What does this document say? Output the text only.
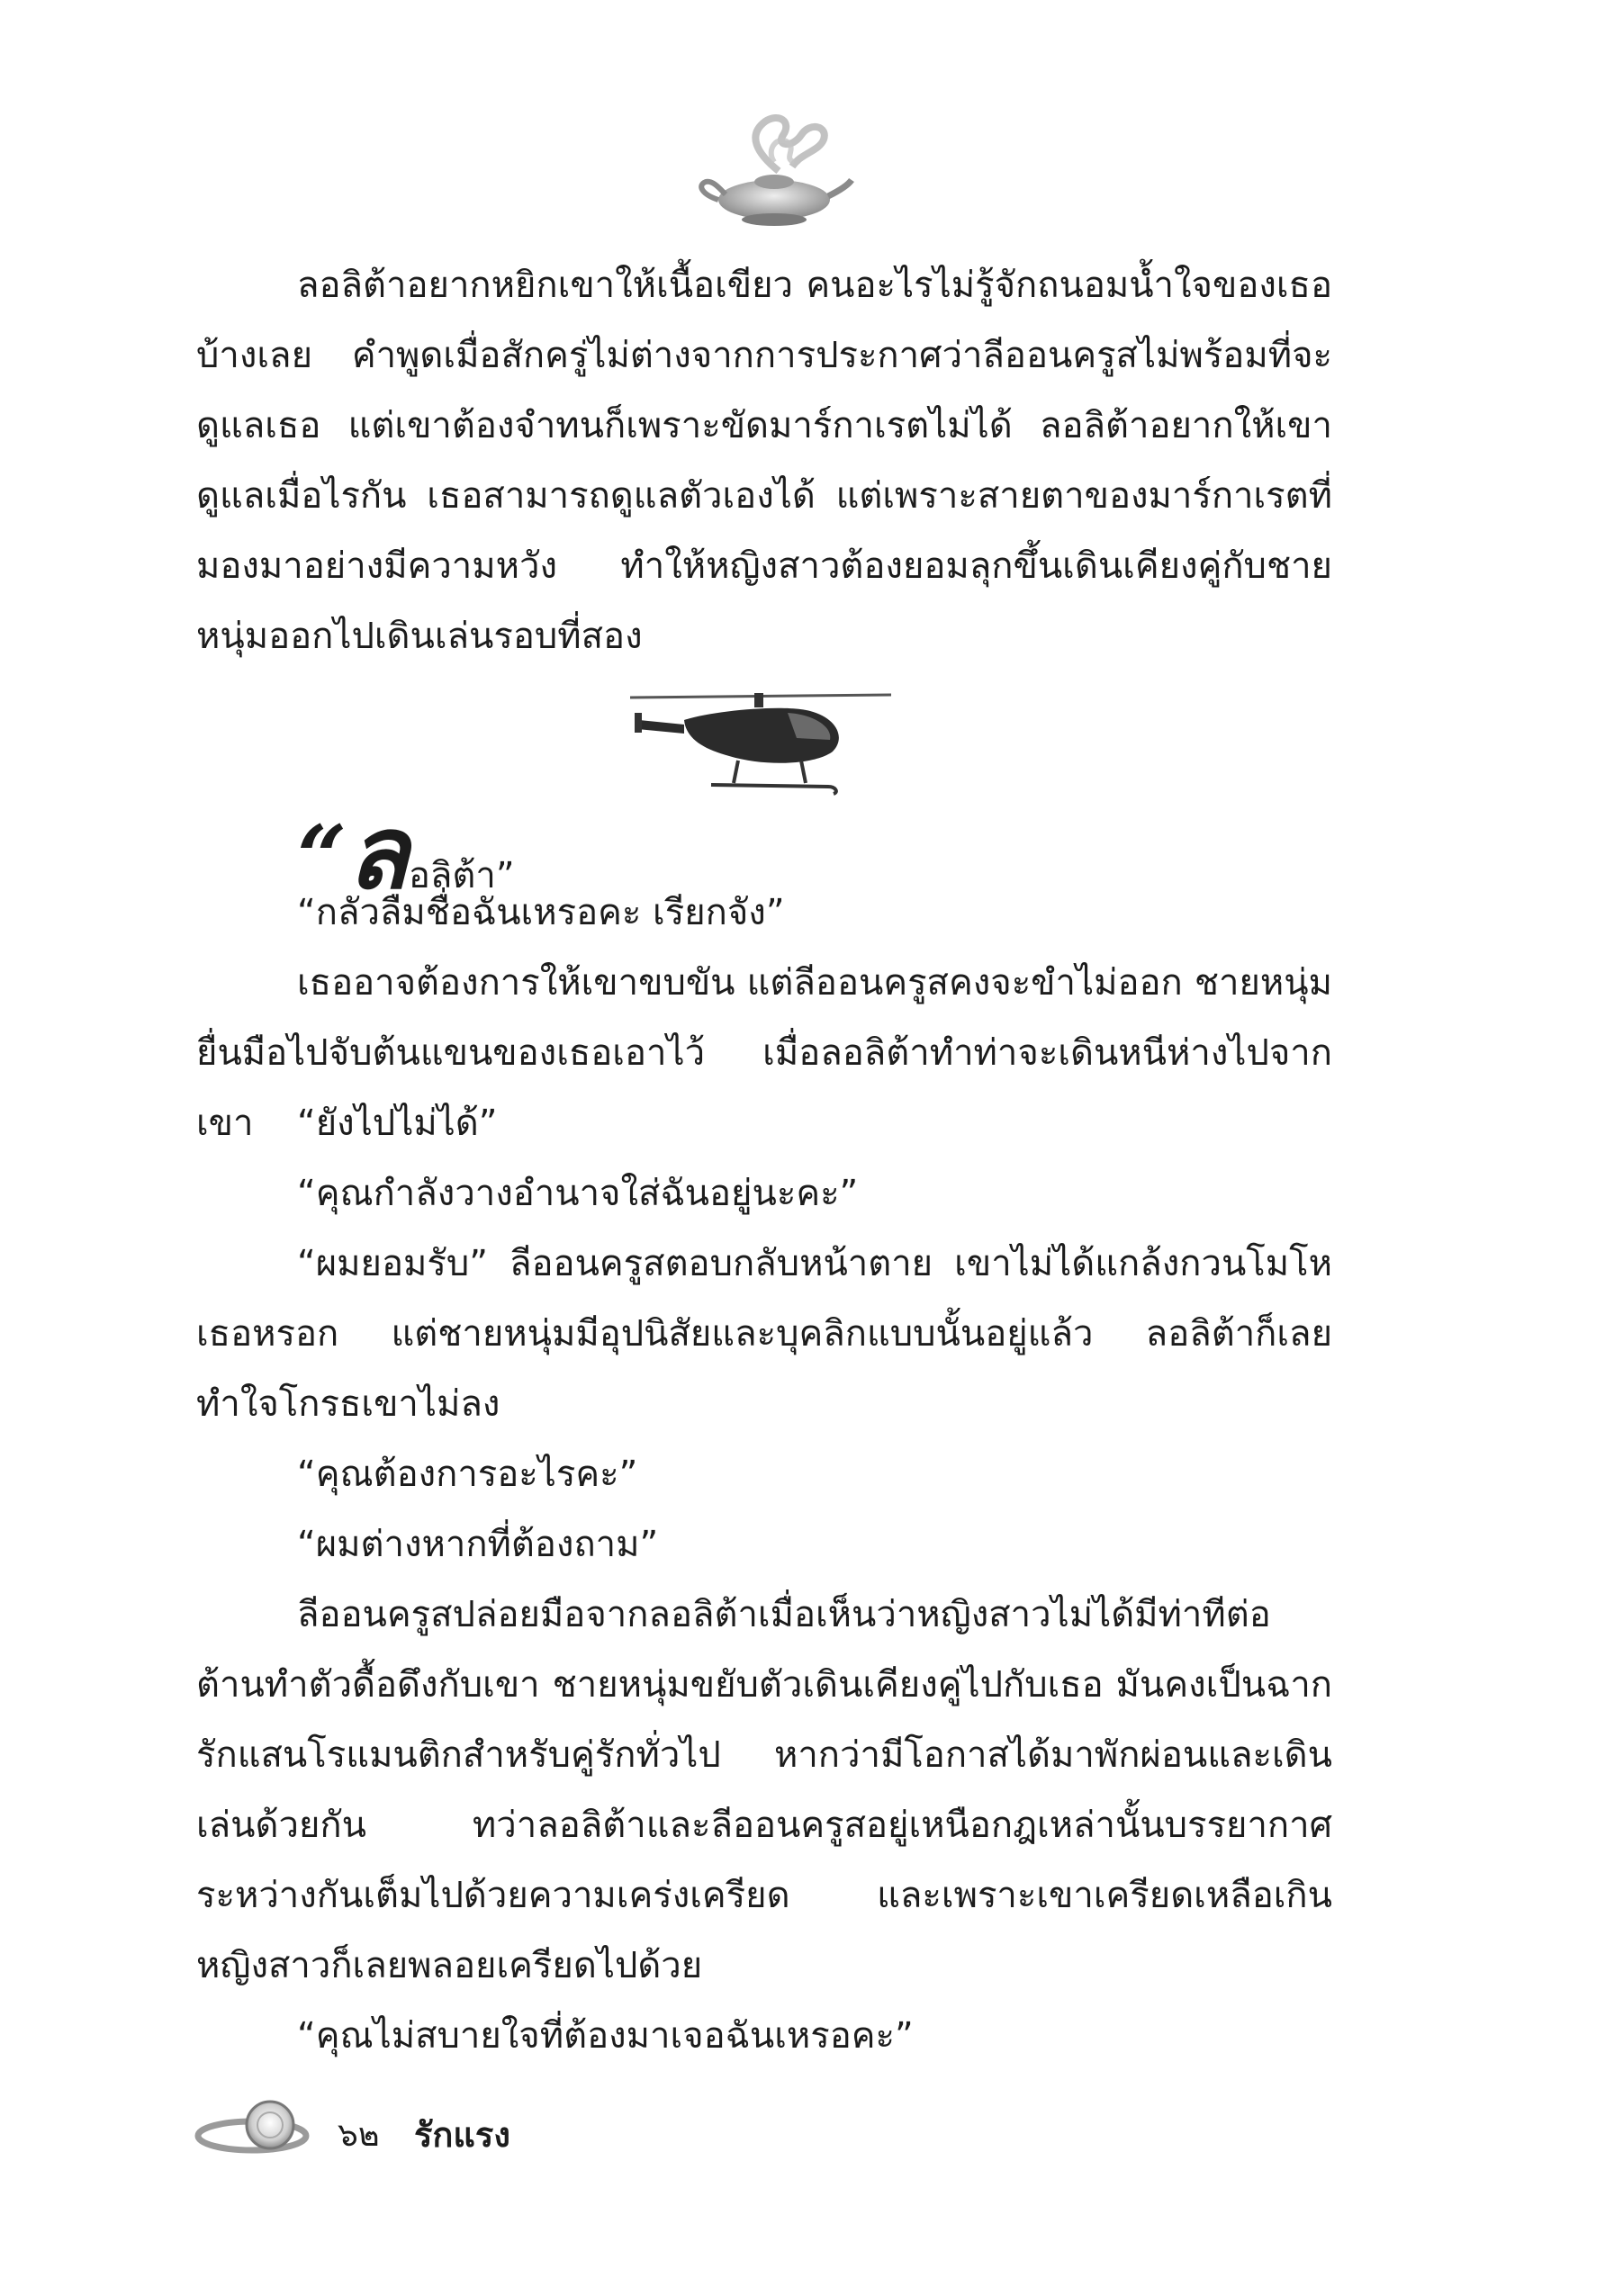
ลอลิต้าอยากหยิกเขาให้เนื้อเขียว คนอะไรไม่รู้จักถนอมน้ำใจของเธอบ้างเลย คำพูดเมื่อสักครู่ไม่ต่างจากการประกาศว่าลีออนครูสไม่พร้อมที่จะดูแลเธอ แต่เขาต้องจำทนก็เพราะขัดมาร์กาเรตไม่ได้ ลอลิต้าอยากให้เขาดูแลเมื่อไรกัน เธอสามารถดูแลตัวเองได้ แต่เพราะสายตาของมาร์กาเรตที่มองมาอย่างมีความหวัง ทำให้หญิงสาวต้องยอมลุกขึ้นเดินเคียงคู่กับชายหนุ่มออกไปเดินเล่นรอบที่สอง

“ลอลิต้า”

“กลัวลืมชื่อฉันเหรอคะ เรียกจัง”

เธออาจต้องการให้เขาขบขัน แต่ลีออนครูสคงจะขำไม่ออก ชายหนุ่มยื่นมือไปจับต้นแขนของเธอเอาไว้ เมื่อลอลิต้าทำท่าจะเดินหนีห่างไปจากเขา	“ยังไปไม่ได้”

“คุณกำลังวางอำนาจใส่ฉันอยู่นะคะ”

“ผมยอมรับ” ลีออนครูสตอบกลับหน้าตาย เขาไม่ได้แกล้งกวนโมโหเธอหรอก แต่ชายหนุ่มมีอุปนิสัยและบุคลิกแบบนั้นอยู่แล้ว ลอลิต้าก็เลยทำใจโกรธเขาไม่ลง

“คุณต้องการอะไรคะ”

“ผมต่างหากที่ต้องถาม”

ลีออนครูสปล่อยมือจากลอลิต้าเมื่อเห็นว่าหญิงสาวไม่ได้มีท่าทีต่อต้านทำตัวดื้อดึงกับเขา ชายหนุ่มขยับตัวเดินเคียงคู่ไปกับเธอ มันคงเป็นฉากรักแสนโรแมนติกสำหรับคู่รักทั่วไป หากว่ามีโอกาสได้มาพักผ่อนและเดินเล่นด้วยกัน ทว่าลอลิต้าและลีออนครูสอยู่เหนือกฎเหล่านั้นบรรยากาศระหว่างกันเต็มไปด้วยความเคร่งเครียด และเพราะเขาเครียดเหลือเกิน หญิงสาวก็เลยพลอยเครียดไปด้วย

“คุณไม่สบายใจที่ต้องมาเจอฉันเหรอคะ”

๖๒ รักแรง
